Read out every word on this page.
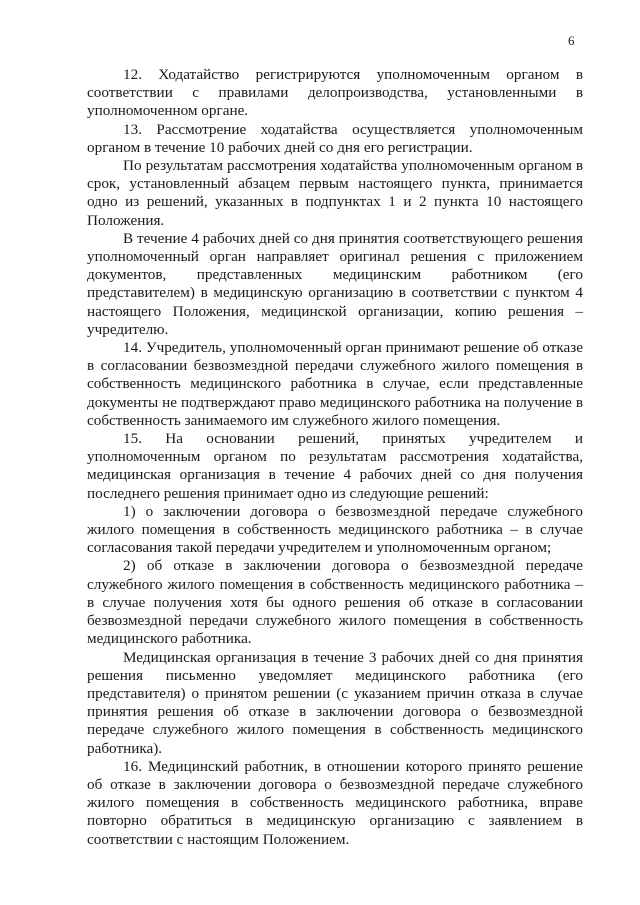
6

12. Ходатайство регистрируются уполномоченным органом в соответствии с правилами делопроизводства, установленными в уполномоченном органе.

13. Рассмотрение ходатайства осуществляется уполномоченным органом в течение 10 рабочих дней со дня его регистрации.

По результатам рассмотрения ходатайства уполномоченным органом в срок, установленный абзацем первым настоящего пункта, принимается одно из решений, указанных в подпунктах 1 и 2 пункта 10 настоящего Положения.

В течение 4 рабочих дней со дня принятия соответствующего решения уполномоченный орган направляет оригинал решения с приложением документов, представленных медицинским работником (его представителем) в медицинскую организацию в соответствии с пунктом 4 настоящего Положения, медицинской организации, копию решения – учредителю.

14. Учредитель, уполномоченный орган принимают решение об отказе в согласовании безвозмездной передачи служебного жилого помещения в собственность медицинского работника в случае, если представленные документы не подтверждают право медицинского работника на получение в собственность занимаемого им служебного жилого помещения.

15. На основании решений, принятых учредителем и уполномоченным органом по результатам рассмотрения ходатайства, медицинская организация в течение 4 рабочих дней со дня получения последнего решения принимает одно из следующие решений:

1) о заключении договора о безвозмездной передаче служебного жилого помещения в собственность медицинского работника – в случае согласования такой передачи учредителем и уполномоченным органом;

2) об отказе в заключении договора о безвозмездной передаче служебного жилого помещения в собственность медицинского работника – в случае получения хотя бы одного решения об отказе в согласовании безвозмездной передачи служебного жилого помещения в собственность медицинского работника.

Медицинская организация в течение 3 рабочих дней со дня принятия решения письменно уведомляет медицинского работника (его представителя) о принятом решении (с указанием причин отказа в случае принятия решения об отказе в заключении договора о безвозмездной передаче служебного жилого помещения в собственность медицинского работника).

16. Медицинский работник, в отношении которого принято решение об отказе в заключении договора о безвозмездной передаче служебного жилого помещения в собственность медицинского работника, вправе повторно обратиться в медицинскую организацию с заявлением в соответствии с настоящим Положением.
